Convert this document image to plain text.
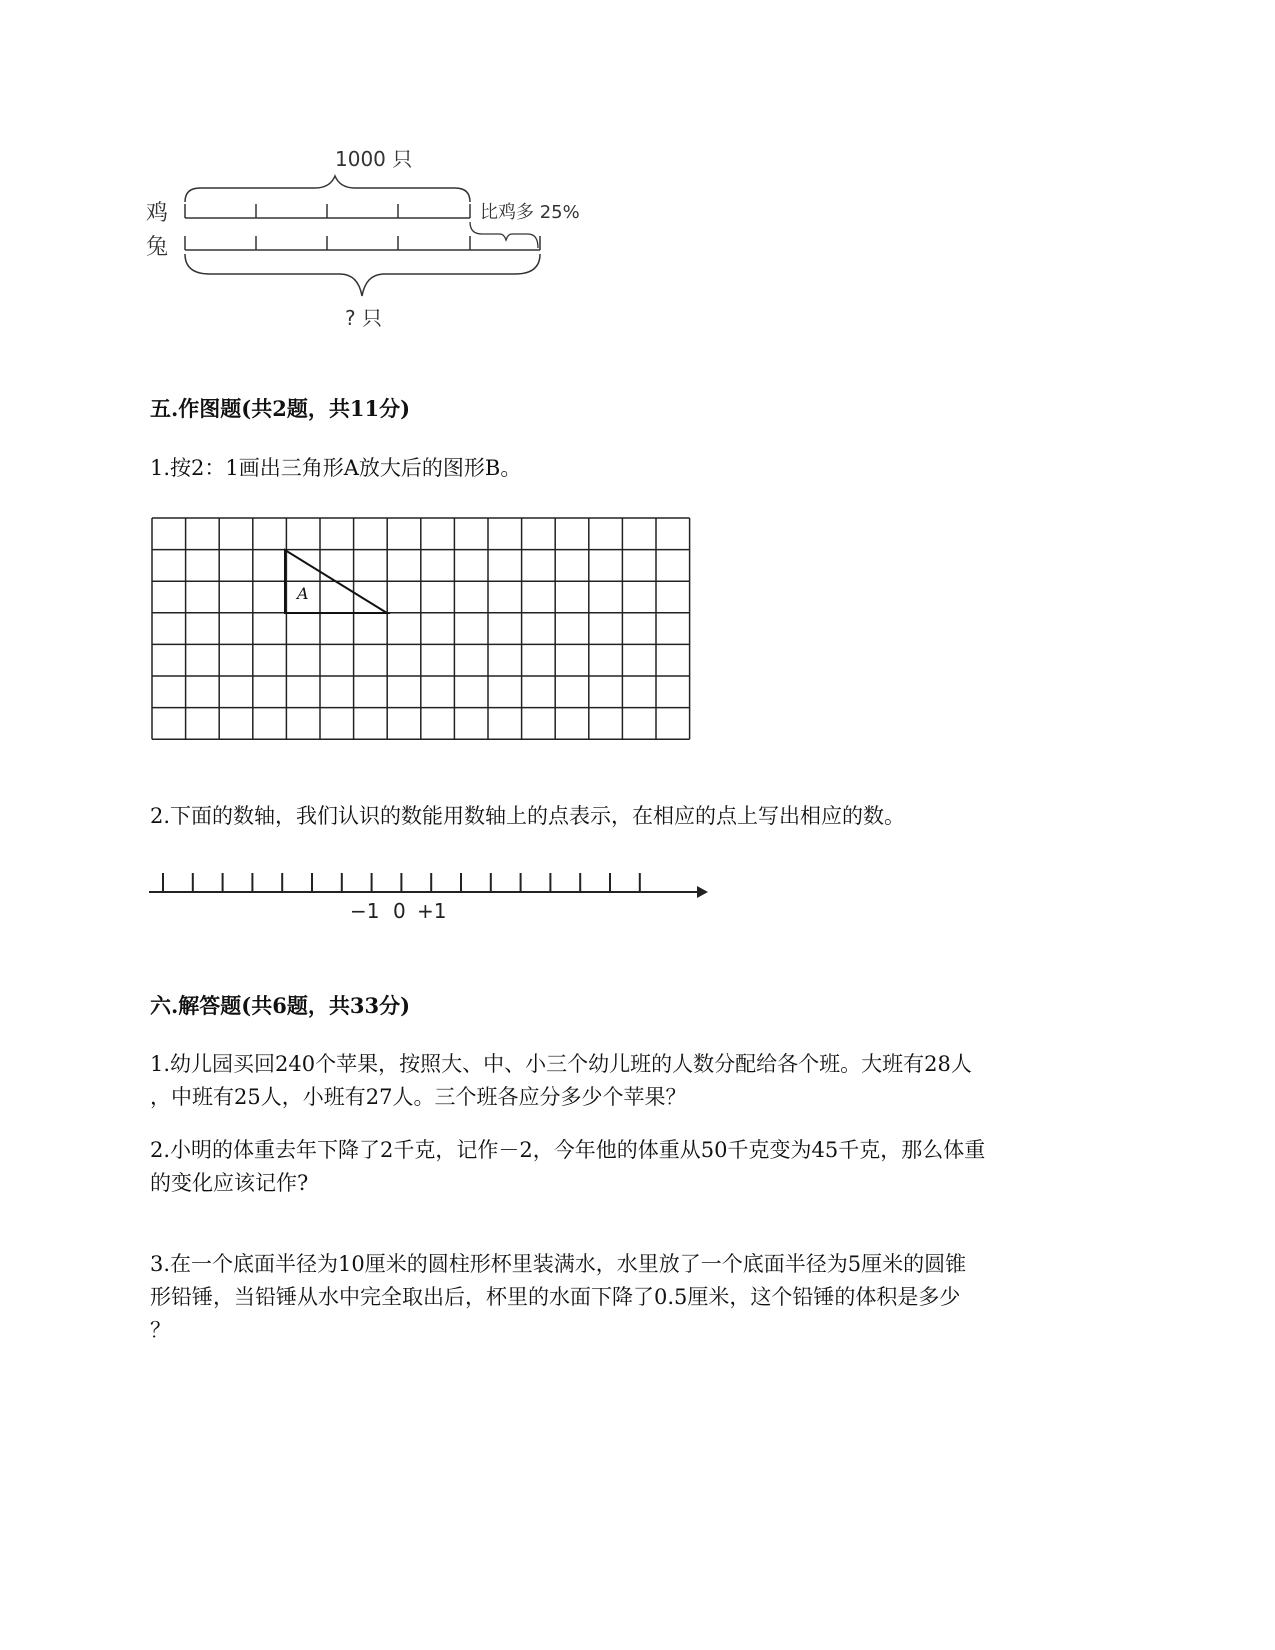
1000 只
鸡	比鸡多 25%
兔
? 只
五.作图题(共2题，共11分)
1.按2：1画出三角形A放大后的图形B。
A
2.下面的数轴，我们认识的数能用数轴上的点表示，在相应的点上写出相应的数。
−1 0 +1
六.解答题(共6题，共33分)
1.幼儿园买回240个苹果，按照大、中、小三个幼儿班的人数分配给各个班。大班有28人
，中班有25人，小班有27人。三个班各应分多少个苹果？
2.小明的体重去年下降了2千克，记作－2，今年他的体重从50千克变为45千克，那么体重
的变化应该记作?
3.在一个底面半径为10厘米的圆柱形杯里装满水，水里放了一个底面半径为5厘米的圆锥
形铅锤，当铅锤从水中完全取出后，杯里的水面下降了0.5厘米，这个铅锤的体积是多少
？
